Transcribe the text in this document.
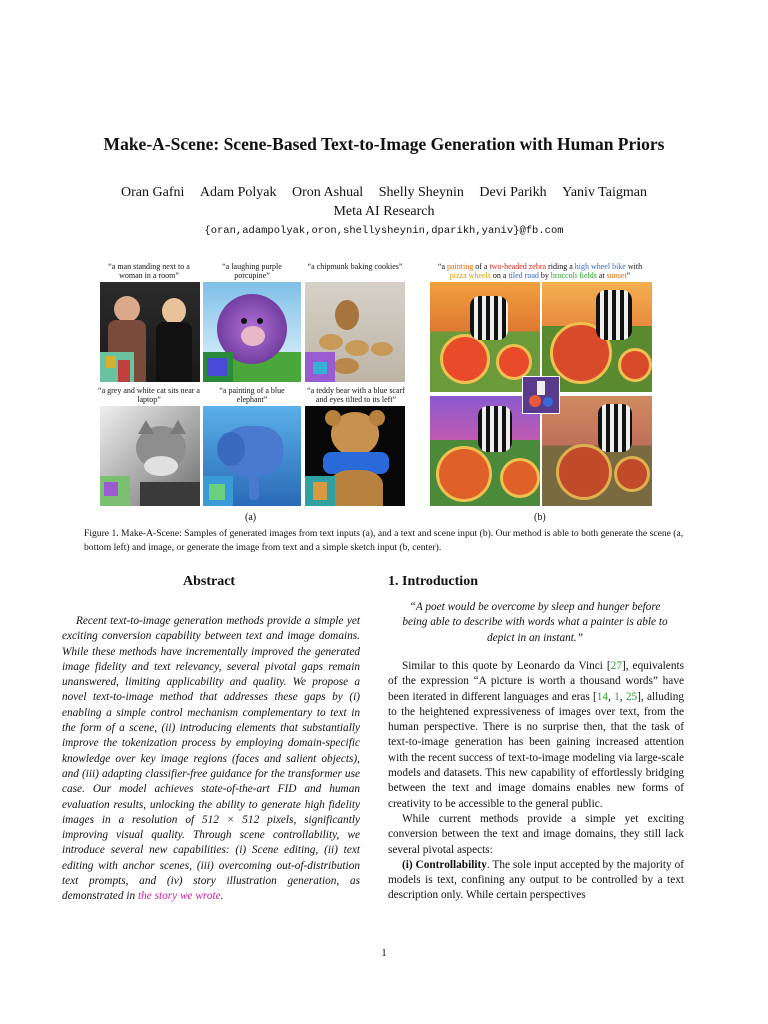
Make-A-Scene: Scene-Based Text-to-Image Generation with Human Priors
Oran Gafni Adam Polyak Oron Ashual Shelly Sheynin Devi Parikh Yaniv Taigman
Meta AI Research
{oran,adampolyak,oron,shellysheynin,dparikh,yaniv}@fb.com
“a man standing next to a woman in a room”
“a laughing purple porcupine”
“a chipmunk baking cookies”
“a grey and white cat sits near a laptop”
“a painting of a blue elephant”
“a teddy bear with a blue scarf and eyes tilted to its left”
“a painting of a two-headed zebra riding a high wheel bike with
pizza wheels on a tiled road by broccoli fields at sunset”
(a)	(b)
Figure 1. Make-A-Scene: Samples of generated images from text inputs (a), and a text and scene input (b). Our method is able to both generate the scene (a, bottom left) and image, or generate the image from text and a simple sketch input (b, center).
Abstract

Recent text-to-image generation methods provide a simple yet exciting conversion capability between text and image domains. While these methods have incrementally improved the generated image fidelity and text relevancy, several pivotal gaps remain unanswered, limiting applicability and quality. We propose a novel text-to-image method that addresses these gaps by (i) enabling a simple control mechanism complementary to text in the form of a scene, (ii) introducing elements that substantially improve the tokenization process by employing domain-specific knowledge over key image regions (faces and salient objects), and (iii) adapting classifier-free guidance for the transformer use case. Our model achieves state-of-the-art FID and human evaluation results, unlocking the ability to generate high fidelity images in a resolution of 512 × 512 pixels, significantly improving visual quality. Through scene controllability, we introduce several new capabilities: (i) Scene editing, (ii) text editing with anchor scenes, (iii) overcoming out-of-distribution text prompts, and (iv) story illustration generation, as demonstrated in the story we wrote.

1. Introduction
“A poet would be overcome by sleep and hunger before being able to describe with words what a painter is able to depict in an instant.”

Similar to this quote by Leonardo da Vinci [27], equivalents of the expression “A picture is worth a thousand words” have been iterated in different languages and eras [14, 1, 25], alluding to the heightened expressiveness of images over text, from the human perspective. There is no surprise then, that the task of text-to-image generation has been gaining increased attention with the recent success of text-to-image modeling via large-scale models and datasets. This new capability of effortlessly bridging between the text and image domains enables new forms of creativity to be accessible to the general public.

While current methods provide a simple yet exciting conversion between the text and image domains, they still lack several pivotal aspects:

(i) Controllability. The sole input accepted by the majority of models is text, confining any output to be controlled by a text description only. While certain perspectives

1
